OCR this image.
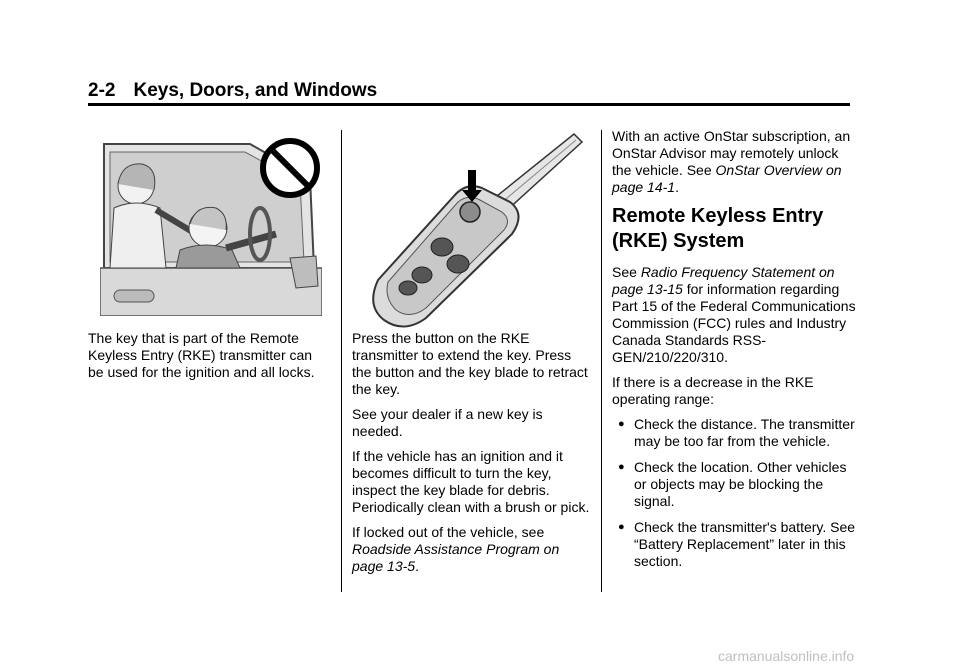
2-2 Keys, Doors, and Windows

The key that is part of the Remote Keyless Entry (RKE) transmitter can be used for the ignition and all locks.

Press the button on the RKE transmitter to extend the key. Press the button and the key blade to retract the key.

See your dealer if a new key is needed.

If the vehicle has an ignition and it becomes difficult to turn the key, inspect the key blade for debris. Periodically clean with a brush or pick.

If locked out of the vehicle, see Roadside Assistance Program on page 13-5.

With an active OnStar subscription, an OnStar Advisor may remotely unlock the vehicle. See OnStar Overview on page 14-1.

Remote Keyless Entry (RKE) System

See Radio Frequency Statement on page 13-15 for information regarding Part 15 of the Federal Communications Commission (FCC) rules and Industry Canada Standards RSS-GEN/210/220/310.

If there is a decrease in the RKE operating range:

● Check the distance. The transmitter may be too far from the vehicle.
● Check the location. Other vehicles or objects may be blocking the signal.
● Check the transmitter's battery. See “Battery Replacement” later in this section.
carmanualsonline.info
